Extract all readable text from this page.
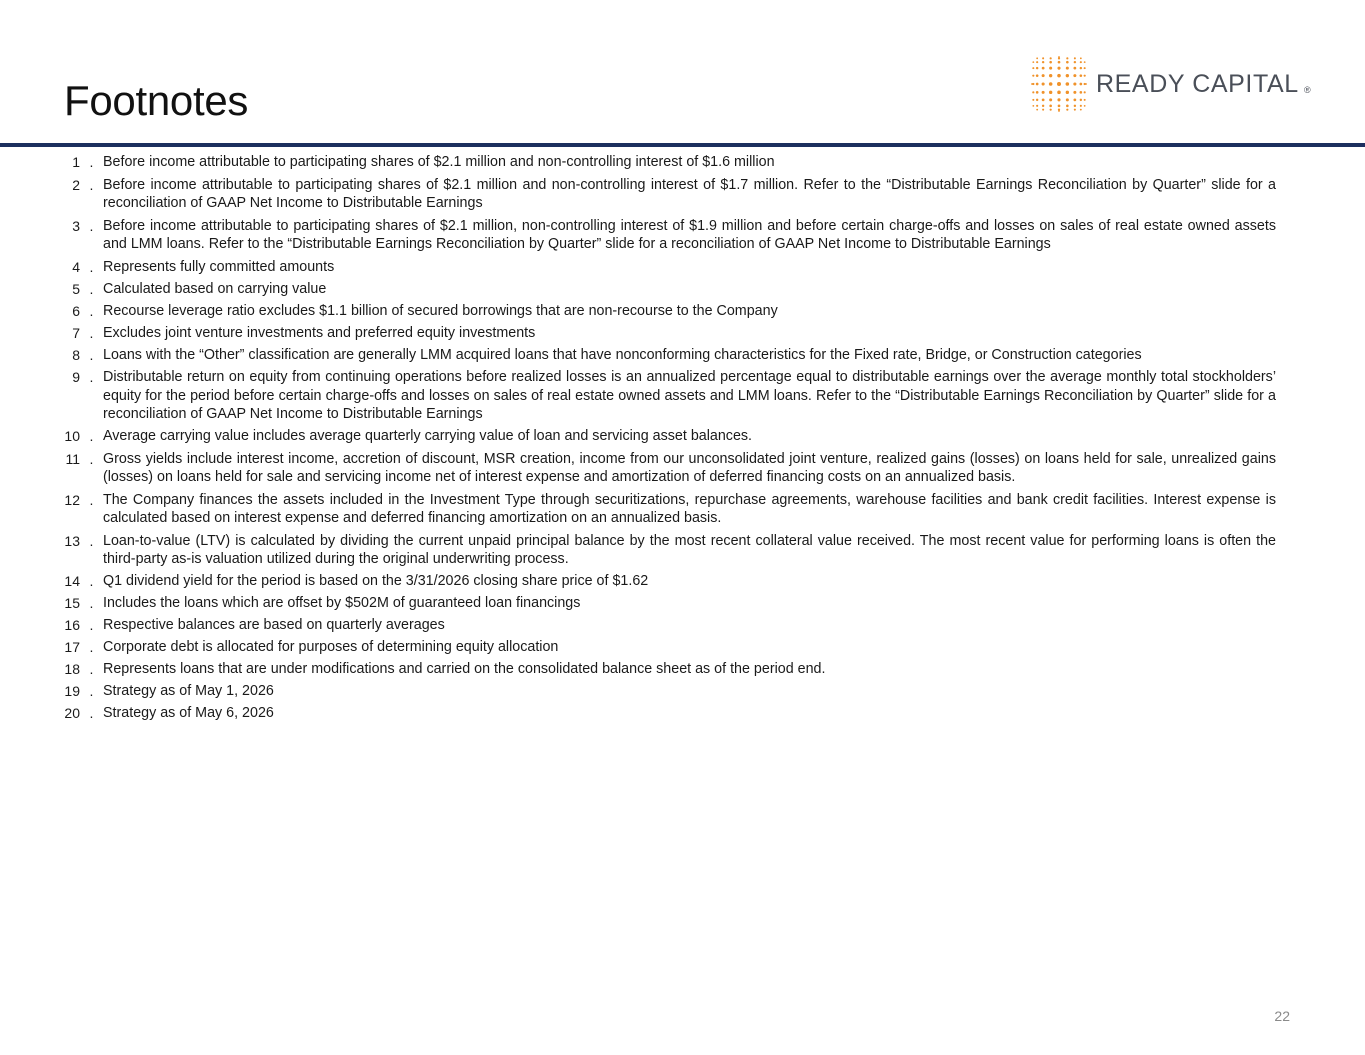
Footnotes	READY CAPITAL ®
1 . Before income attributable to participating shares of $2.1 million and non-controlling interest of $1.6 million
2 . Before income attributable to participating shares of $2.1 million and non-controlling interest of $1.7 million. Refer to the “Distributable Earnings Reconciliation by Quarter” slide for a reconciliation of GAAP Net Income to Distributable Earnings
3 . Before income attributable to participating shares of $2.1 million, non-controlling interest of $1.9 million and before certain charge-offs and losses on sales of real estate owned assets and LMM loans. Refer to the “Distributable Earnings Reconciliation by Quarter” slide for a reconciliation of GAAP Net Income to Distributable Earnings
4 . Represents fully committed amounts
5 . Calculated based on carrying value
6 . Recourse leverage ratio excludes $1.1 billion of secured borrowings that are non-recourse to the Company
7 . Excludes joint venture investments and preferred equity investments
8 . Loans with the “Other” classification are generally LMM acquired loans that have nonconforming characteristics for the Fixed rate, Bridge, or Construction categories
9 . Distributable return on equity from continuing operations before realized losses is an annualized percentage equal to distributable earnings over the average monthly total stockholders’ equity for the period before certain charge-offs and losses on sales of real estate owned assets and LMM loans. Refer to the “Distributable Earnings Reconciliation by Quarter” slide for a reconciliation of GAAP Net Income to Distributable Earnings
10 . Average carrying value includes average quarterly carrying value of loan and servicing asset balances.
11 . Gross yields include interest income, accretion of discount, MSR creation, income from our unconsolidated joint venture, realized gains (losses) on loans held for sale, unrealized gains (losses) on loans held for sale and servicing income net of interest expense and amortization of deferred financing costs on an annualized basis.
12 . The Company finances the assets included in the Investment Type through securitizations, repurchase agreements, warehouse facilities and bank credit facilities. Interest expense is calculated based on interest expense and deferred financing amortization on an annualized basis.
13 . Loan-to-value (LTV) is calculated by dividing the current unpaid principal balance by the most recent collateral value received. The most recent value for performing loans is often the third-party as-is valuation utilized during the original underwriting process.
14 . Q1 dividend yield for the period is based on the 3/31/2026 closing share price of $1.62
15 . Includes the loans which are offset by $502M of guaranteed loan financings
16 . Respective balances are based on quarterly averages
17 . Corporate debt is allocated for purposes of determining equity allocation
18 . Represents loans that are under modifications and carried on the consolidated balance sheet as of the period end.
19 . Strategy as of May 1, 2026
20 . Strategy as of May 6, 2026
22
